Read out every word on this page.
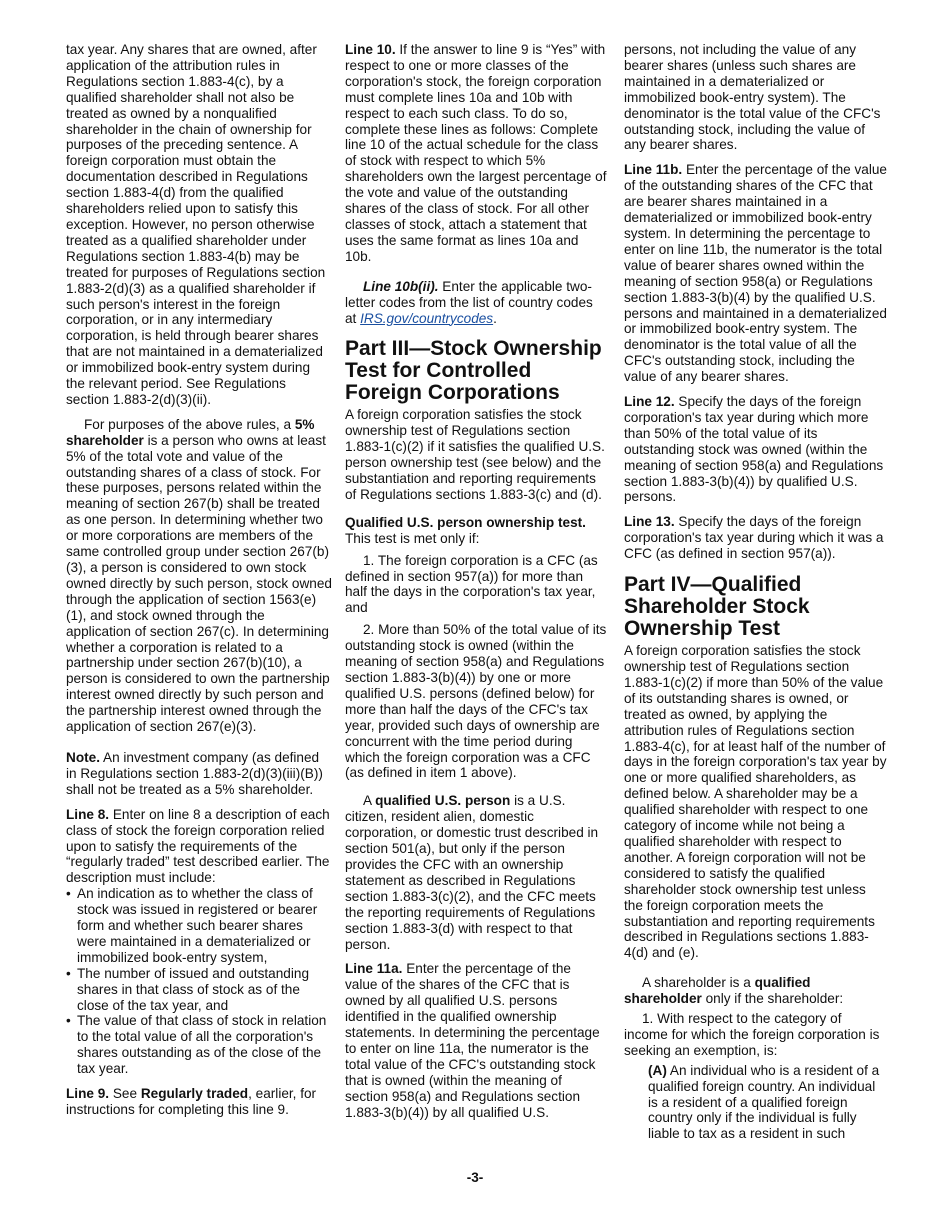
tax year. Any shares that are owned, after application of the attribution rules in Regulations section 1.883-4(c), by a qualified shareholder shall not also be treated as owned by a nonqualified shareholder in the chain of ownership for purposes of the preceding sentence. A foreign corporation must obtain the documentation described in Regulations section 1.883-4(d) from the qualified shareholders relied upon to satisfy this exception. However, no person otherwise treated as a qualified shareholder under Regulations section 1.883-4(b) may be treated for purposes of Regulations section 1.883-2(d)(3) as a qualified shareholder if such person's interest in the foreign corporation, or in any intermediary corporation, is held through bearer shares that are not maintained in a dematerialized or immobilized book-entry system during the relevant period. See Regulations section 1.883-2(d)(3)(ii).

For purposes of the above rules, a 5% shareholder is a person who owns at least 5% of the total vote and value of the outstanding shares of a class of stock. For these purposes, persons related within the meaning of section 267(b) shall be treated as one person. In determining whether two or more corporations are members of the same controlled group under section 267(b)(3), a person is considered to own stock owned directly by such person, stock owned through the application of section 1563(e)(1), and stock owned through the application of section 267(c). In determining whether a corporation is related to a partnership under section 267(b)(10), a person is considered to own the partnership interest owned directly by such person and the partnership interest owned through the application of section 267(e)(3).

Note. An investment company (as defined in Regulations section 1.883-2(d)(3)(iii)(B)) shall not be treated as a 5% shareholder.

Line 8. Enter on line 8 a description of each class of stock the foreign corporation relied upon to satisfy the requirements of the “regularly traded” test described earlier. The description must include:

• An indication as to whether the class of stock was issued in registered or bearer form and whether such bearer shares were maintained in a dematerialized or immobilized book-entry system,

• The number of issued and outstanding shares in that class of stock as of the close of the tax year, and

• The value of that class of stock in relation to the total value of all the corporation's shares outstanding as of the close of the tax year.

Line 9. See Regularly traded, earlier, for instructions for completing this line 9.

Line 10. If the answer to line 9 is “Yes” with respect to one or more classes of the corporation's stock, the foreign corporation must complete lines 10a and 10b with respect to each such class. To do so, complete these lines as follows: Complete line 10 of the actual schedule for the class of stock with respect to which 5% shareholders own the largest percentage of the vote and value of the outstanding shares of the class of stock. For all other classes of stock, attach a statement that uses the same format as lines 10a and 10b.

Line 10b(ii). Enter the applicable two-letter codes from the list of country codes at IRS.gov/countrycodes.

Part III—Stock Ownership Test for Controlled Foreign Corporations

A foreign corporation satisfies the stock ownership test of Regulations section 1.883-1(c)(2) if it satisfies the qualified U.S. person ownership test (see below) and the substantiation and reporting requirements of Regulations sections 1.883-3(c) and (d).

Qualified U.S. person ownership test. This test is met only if:

1. The foreign corporation is a CFC (as defined in section 957(a)) for more than half the days in the corporation's tax year, and

2. More than 50% of the total value of its outstanding stock is owned (within the meaning of section 958(a) and Regulations section 1.883-3(b)(4)) by one or more qualified U.S. persons (defined below) for more than half the days of the CFC's tax year, provided such days of ownership are concurrent with the time period during which the foreign corporation was a CFC (as defined in item 1 above).

A qualified U.S. person is a U.S. citizen, resident alien, domestic corporation, or domestic trust described in section 501(a), but only if the person provides the CFC with an ownership statement as described in Regulations section 1.883-3(c)(2), and the CFC meets the reporting requirements of Regulations section 1.883-3(d) with respect to that person.

Line 11a. Enter the percentage of the value of the shares of the CFC that is owned by all qualified U.S. persons identified in the qualified ownership statements. In determining the percentage to enter on line 11a, the numerator is the total value of the CFC's outstanding stock that is owned (within the meaning of section 958(a) and Regulations section 1.883-3(b)(4)) by all qualified U.S.

persons, not including the value of any bearer shares (unless such shares are maintained in a dematerialized or immobilized book-entry system). The denominator is the total value of the CFC's outstanding stock, including the value of any bearer shares.

Line 11b. Enter the percentage of the value of the outstanding shares of the CFC that are bearer shares maintained in a dematerialized or immobilized book-entry system. In determining the percentage to enter on line 11b, the numerator is the total value of bearer shares owned within the meaning of section 958(a) or Regulations section 1.883-3(b)(4) by the qualified U.S. persons and maintained in a dematerialized or immobilized book-entry system. The denominator is the total value of all the CFC's outstanding stock, including the value of any bearer shares.

Line 12. Specify the days of the foreign corporation's tax year during which more than 50% of the total value of its outstanding stock was owned (within the meaning of section 958(a) and Regulations section 1.883-3(b)(4)) by qualified U.S. persons.

Line 13. Specify the days of the foreign corporation's tax year during which it was a CFC (as defined in section 957(a)).

Part IV—Qualified Shareholder Stock Ownership Test

A foreign corporation satisfies the stock ownership test of Regulations section 1.883-1(c)(2) if more than 50% of the value of its outstanding shares is owned, or treated as owned, by applying the attribution rules of Regulations section 1.883-4(c), for at least half of the number of days in the foreign corporation's tax year by one or more qualified shareholders, as defined below. A shareholder may be a qualified shareholder with respect to one category of income while not being a qualified shareholder with respect to another. A foreign corporation will not be considered to satisfy the qualified shareholder stock ownership test unless the foreign corporation meets the substantiation and reporting requirements described in Regulations sections 1.883-4(d) and (e).

A shareholder is a qualified shareholder only if the shareholder:

1. With respect to the category of income for which the foreign corporation is seeking an exemption, is:

(A) An individual who is a resident of a qualified foreign country. An individual is a resident of a qualified foreign country only if the individual is fully liable to tax as a resident in such

-3-
